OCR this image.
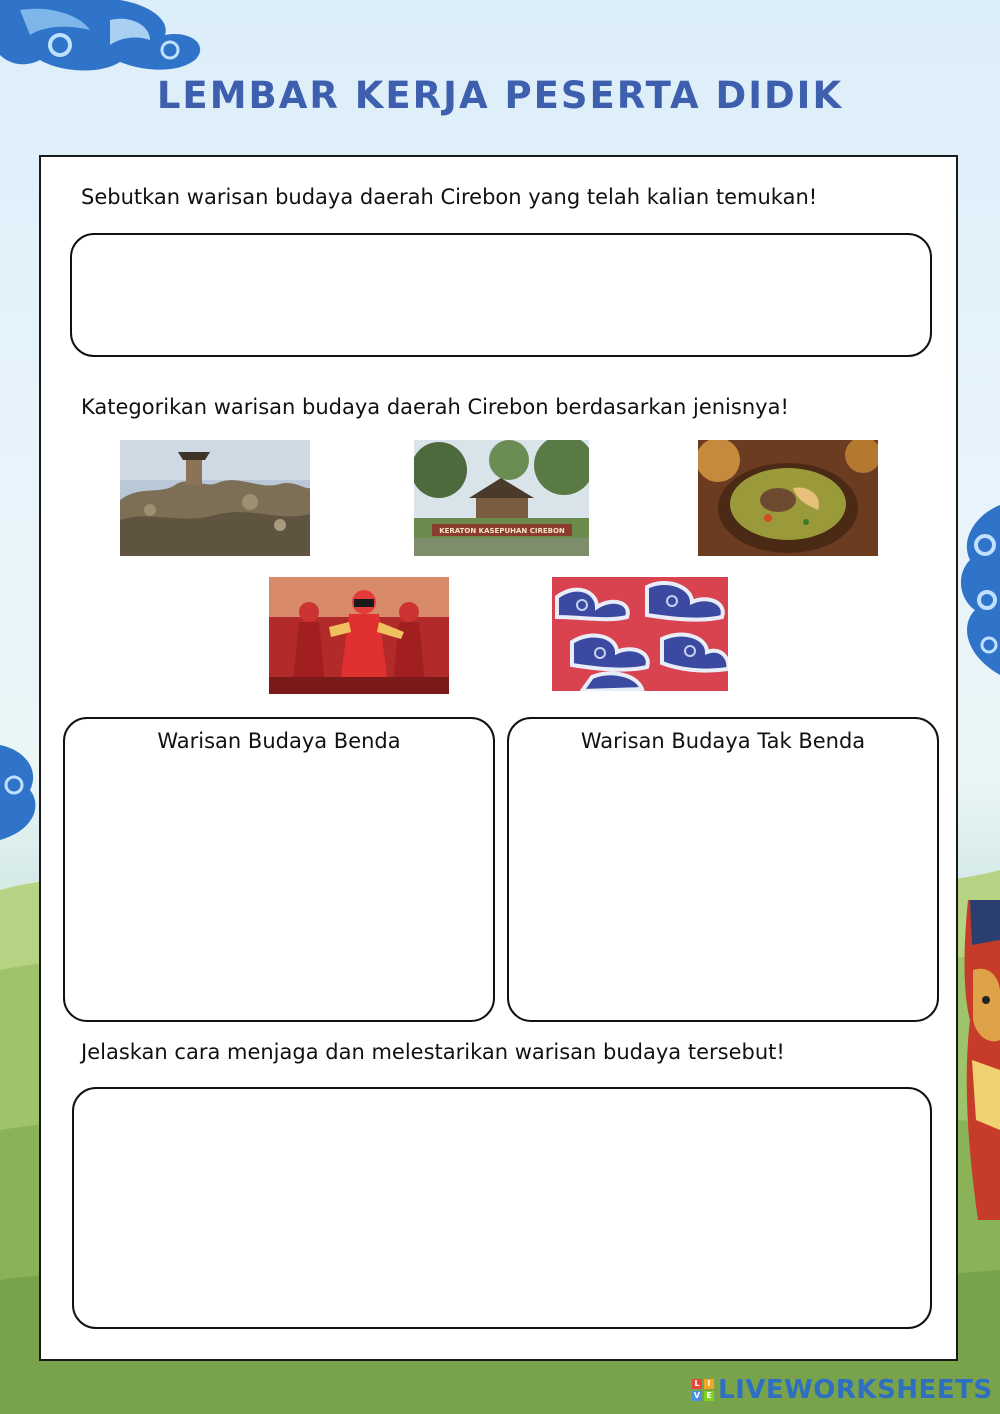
LEMBAR KERJA PESERTA DIDIK
Sebutkan warisan budaya daerah Cirebon yang telah kalian temukan!
Kategorikan warisan budaya daerah Cirebon berdasarkan jenisnya!
KERATON KASEPUHAN CIREBON
Warisan Budaya Benda	Warisan Budaya Tak Benda
Jelaskan cara menjaga dan melestarikan warisan budaya tersebut!
L I
V E LIVEWORKSHEETS
